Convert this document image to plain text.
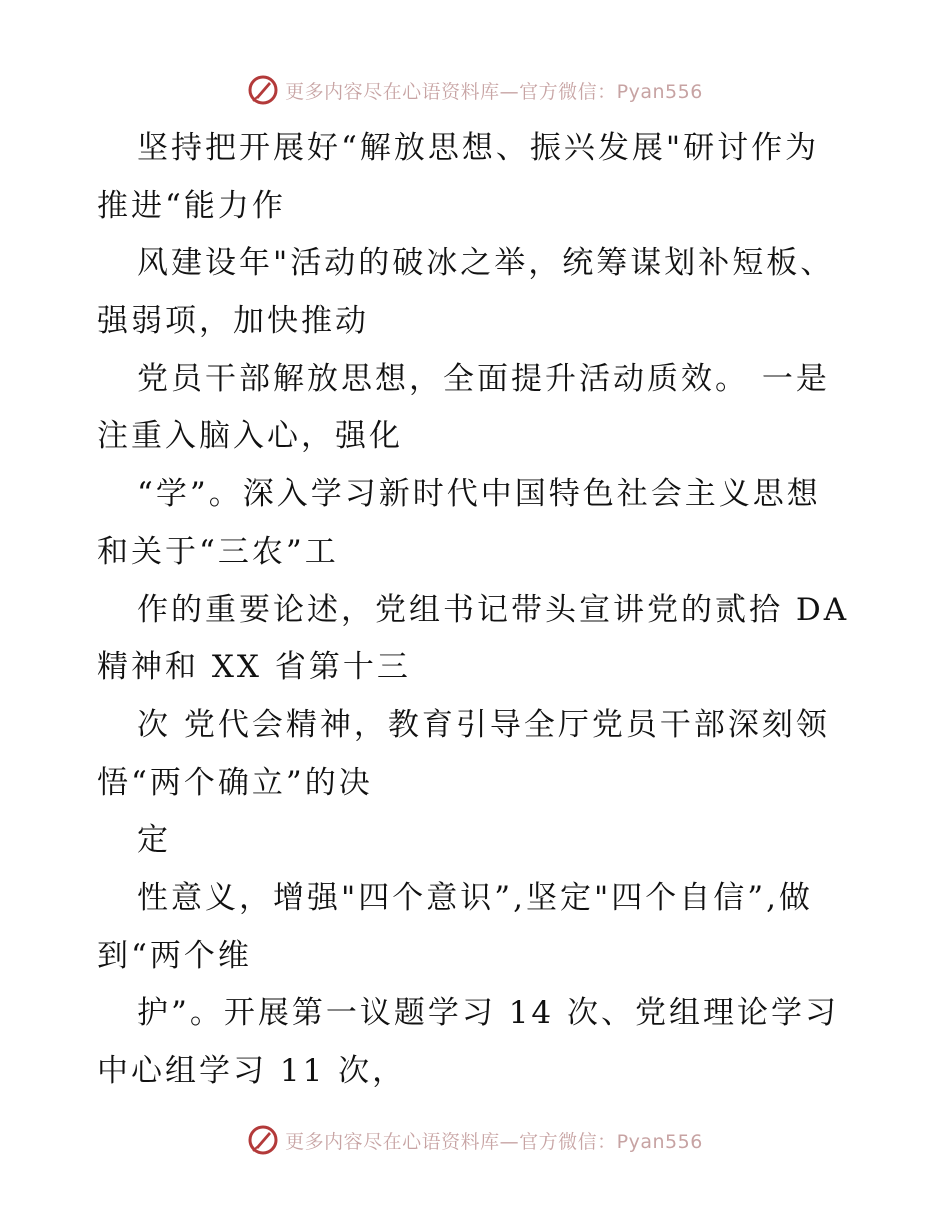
更多内容尽在心语资料库—官方微信：Pyan556
坚持把开展好“解放思想、振兴发展"研讨作为
推进“能力作
风建设年"活动的破冰之举，统筹谋划补短板、
强弱项，加快推动
党员干部解放思想，全面提升活动质效。 一是
注重入脑入心，强化
“学”。深入学习新时代中国特色社会主义思想
和关于“三农”工
作的重要论述，党组书记带头宣讲党的贰拾 DA
精神和 XX 省第十三
次 党代会精神，教育引导全厅党员干部深刻领
悟“两个确立”的决
定
性意义，增强"四个意识”,坚定"四个自信”,做
到“两个维
护”。开展第一议题学习 14 次、党组理论学习
中心组学习 11 次，
更多内容尽在心语资料库—官方微信：Pyan556
